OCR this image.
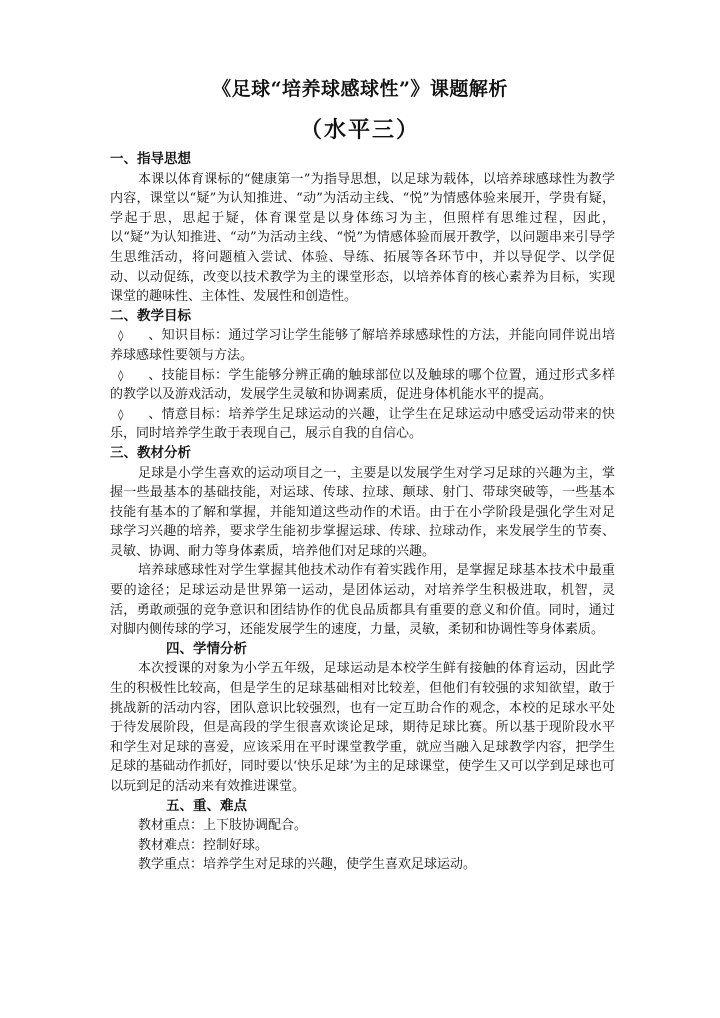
《足球“培养球感球性”》课题解析
（水平三）
一、指导思想

本课以体育课标的“健康第一”为指导思想，以足球为载体，以培养球感球性为教学内容，课堂以“疑”为认知推进、“动”为活动主线、“悦”为情感体验来展开，学贵有疑，学起于思，思起于疑，体育课堂是以身体练习为主，但照样有思维过程，因此，以“疑”为认知推进、“动”为活动主线、“悦”为情感体验而展开教学，以问题串来引导学生思维活动，将问题植入尝试、体验、导练、拓展等各环节中，并以导促学、以学促动、以动促练，改变以技术教学为主的课堂形态，以培养体育的核心素养为目标，实现课堂的趣味性、主体性、发展性和创造性。

二、教学目标
◊ 、知识目标：通过学习让学生能够了解培养球感球性的方法，并能向同伴说出培养球感球性要领与方法。
◊ 、技能目标：学生能够分辨正确的触球部位以及触球的哪个位置，通过形式多样的教学以及游戏活动，发展学生灵敏和协调素质，促进身体机能水平的提高。
◊ 、情意目标：培养学生足球运动的兴趣，让学生在足球运动中感受运动带来的快乐，同时培养学生敢于表现自己，展示自我的自信心。
三、教材分析

足球是小学生喜欢的运动项目之一，主要是以发展学生对学习足球的兴趣为主，掌握一些最基本的基础技能，对运球、传球、拉球、颠球、射门、带球突破等，一些基本技能有基本的了解和掌握，并能知道这些动作的术语。由于在小学阶段是强化学生对足球学习兴趣的培养，要求学生能初步掌握运球、传球、拉球动作，来发展学生的节奏、灵敏、协调、耐力等身体素质，培养他们对足球的兴趣。

培养球感球性对学生掌握其他技术动作有着实践作用，是掌握足球基本技术中最重要的途径；足球运动是世界第一运动，是团体运动，对培养学生积极进取，机智，灵活，勇敢顽强的竞争意识和团结协作的优良品质都具有重要的意义和价值。同时，通过对脚内侧传球的学习，还能发展学生的速度，力量，灵敏，柔韧和协调性等身体素质。

四、学情分析

本次授课的对象为小学五年级，足球运动是本校学生鲜有接触的体育运动，因此学生的积极性比较高，但是学生的足球基础相对比较差，但他们有较强的求知欲望，敢于挑战新的活动内容，团队意识比较强烈，也有一定互助合作的观念，本校的足球水平处于待发展阶段，但是高段的学生很喜欢谈论足球，期待足球比赛。所以基于现阶段水平和学生对足球的喜爱，应该采用在平时课堂教学重，就应当融入足球教学内容，把学生足球的基础动作抓好，同时要以‘快乐足球’为主的足球课堂，使学生又可以学到足球也可以玩到足的活动来有效推进课堂。

五、重、难点
教材重点：上下肢协调配合。
教材难点：控制好球。
教学重点：培养学生对足球的兴趣，使学生喜欢足球运动。
